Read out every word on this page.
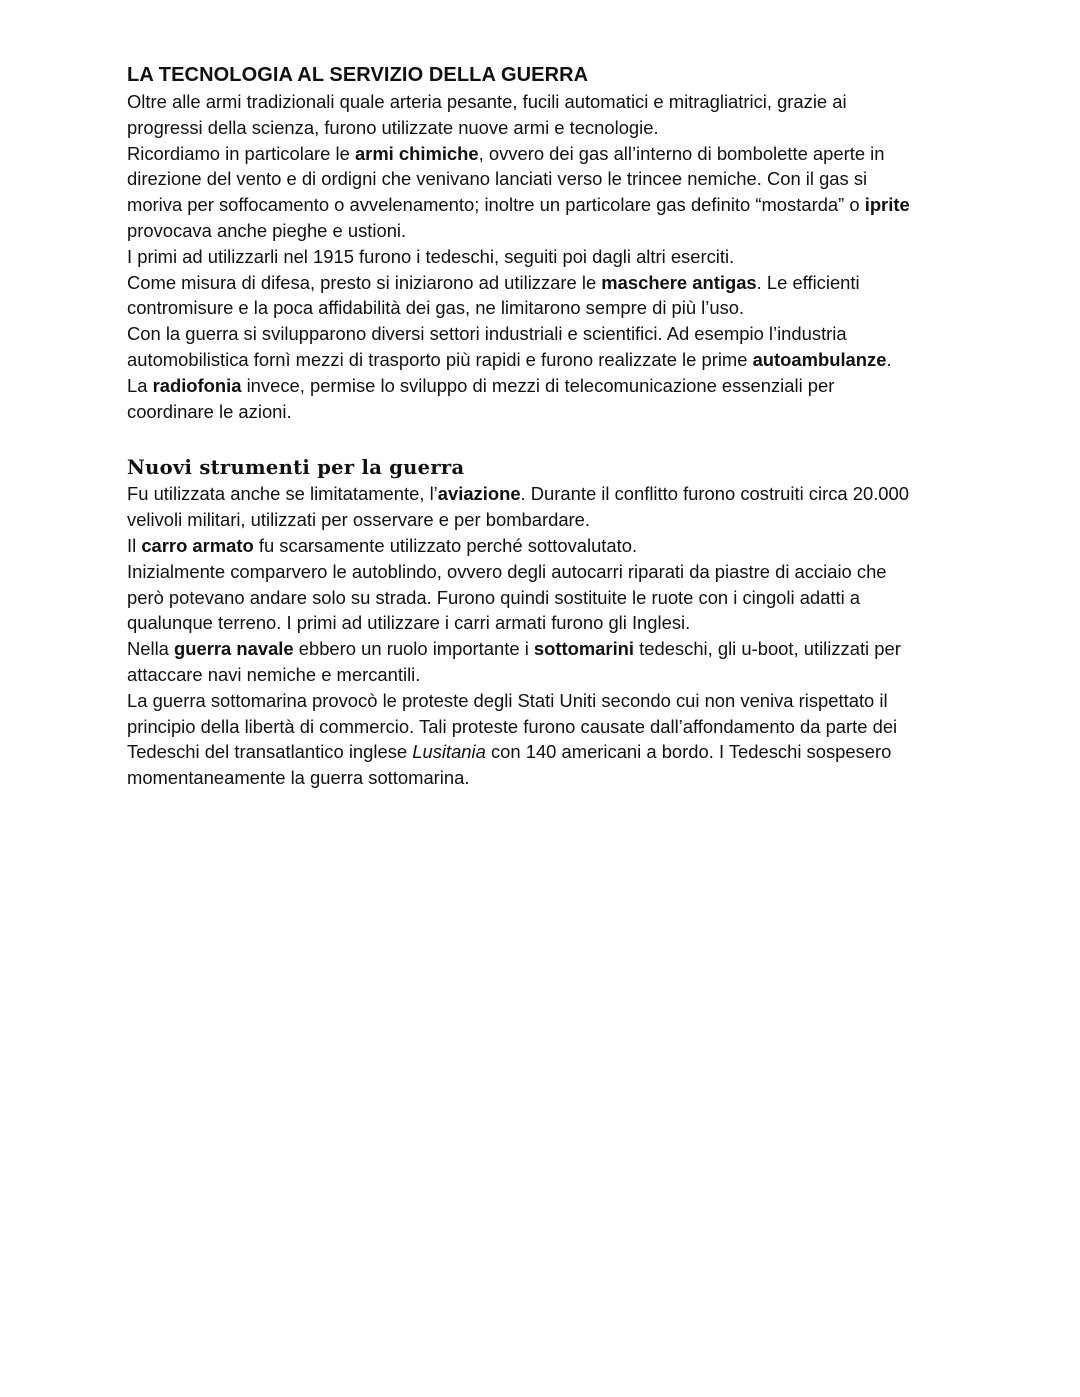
LA TECNOLOGIA AL SERVIZIO DELLA GUERRA
Oltre alle armi tradizionali quale arteria pesante, fucili automatici e mitragliatrici, grazie ai
progressi della scienza, furono utilizzate nuove armi e tecnologie.
Ricordiamo in particolare le armi chimiche, ovvero dei gas all’interno di bombolette aperte in
direzione del vento e di ordigni che venivano lanciati verso le trincee nemiche. Con il gas si
moriva per soffocamento o avvelenamento; inoltre un particolare gas definito “mostarda” o iprite
provocava anche pieghe e ustioni.
I primi ad utilizzarli nel 1915 furono i tedeschi, seguiti poi dagli altri eserciti.
Come misura di difesa, presto si iniziarono ad utilizzare le maschere antigas. Le efficienti
contromisure e la poca affidabilità dei gas, ne limitarono sempre di più l’uso.
Con la guerra si svilupparono diversi settori industriali e scientifici. Ad esempio l’industria
automobilistica fornì mezzi di trasporto più rapidi e furono realizzate le prime autoambulanze.
La radiofonia invece, permise lo sviluppo di mezzi di telecomunicazione essenziali per
coordinare le azioni.
Nuovi strumenti per la guerra
Fu utilizzata anche se limitatamente, l’aviazione. Durante il conflitto furono costruiti circa 20.000
velivoli militari, utilizzati per osservare e per bombardare.
Il carro armato fu scarsamente utilizzato perché sottovalutato.
Inizialmente comparvero le autoblindo, ovvero degli autocarri riparati da piastre di acciaio che
però potevano andare solo su strada. Furono quindi sostituite le ruote con i cingoli adatti a
qualunque terreno. I primi ad utilizzare i carri armati furono gli Inglesi.
Nella guerra navale ebbero un ruolo importante i sottomarini tedeschi, gli u-boot, utilizzati per
attaccare navi nemiche e mercantili.
La guerra sottomarina provocò le proteste degli Stati Uniti secondo cui non veniva rispettato il
principio della libertà di commercio. Tali proteste furono causate dall’affondamento da parte dei
Tedeschi del transatlantico inglese Lusitania con 140 americani a bordo. I Tedeschi sospesero
momentaneamente la guerra sottomarina.
